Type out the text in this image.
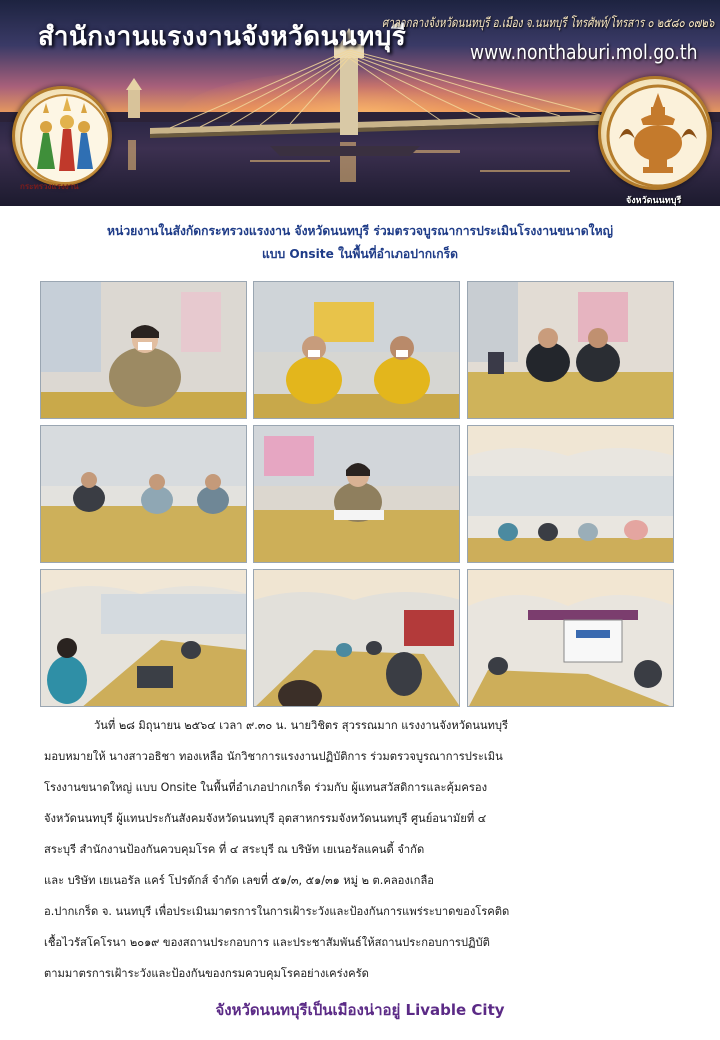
สำนักงานแรงงานจังหวัดนนทบุรี
ศาลากลางจังหวัดนนทบุรี อ.เมือง จ.นนทบุรี โทรศัพท์/โทรสาร ๐ ๒๕๘๐ ๐๗๒๖
www.nonthaburi.mol.go.th
กระทรวงแรงงาน
จังหวัดนนทบุรี
หน่วยงานในสังกัดกระทรวงแรงงาน จังหวัดนนทบุรี ร่วมตรวจบูรณาการประเมินโรงงานขนาดใหญ่
แบบ Onsite ในพื้นที่อำเภอปากเกร็ด
วันที่ ๒๘ มิถุนายน ๒๕๖๔ เวลา ๙.๓๐ น. นายวิชิตร สุวรรณมาก แรงงานจังหวัดนนทบุรี
มอบหมายให้ นางสาวอธิชา ทองเหลือ นักวิชาการแรงงานปฏิบัติการ ร่วมตรวจบูรณาการประเมิน
โรงงานขนาดใหญ่ แบบ Onsite ในพื้นที่อำเภอปากเกร็ด ร่วมกับ ผู้แทนสวัสดิการและคุ้มครอง
จังหวัดนนทบุรี ผู้แทนประกันสังคมจังหวัดนนทบุรี อุตสาหกรรมจังหวัดนนทบุรี ศูนย์อนามัยที่ ๔
สระบุรี สำนักงานป้องกันควบคุมโรค ที่ ๔ สระบุรี ณ บริษัท เยเนอรัลแคนดี้ จำกัด
และ บริษัท เยเนอรัล แคร์ โปรดักส์ จำกัด เลขที่ ๕๑/๓, ๕๑/๓๑ หมู่ ๒ ต.คลองเกลือ
อ.ปากเกร็ด จ. นนทบุรี เพื่อประเมินมาตรการในการเฝ้าระวังและป้องกันการแพร่ระบาดของโรคติด
เชื้อไวรัสโคโรนา ๒๐๑๙ ของสถานประกอบการ และประชาสัมพันธ์ให้สถานประกอบการปฏิบัติ
ตามมาตรการเฝ้าระวังและป้องกันของกรมควบคุมโรคอย่างเคร่งครัด
จังหวัดนนทบุรีเป็นเมืองน่าอยู่ Livable City
